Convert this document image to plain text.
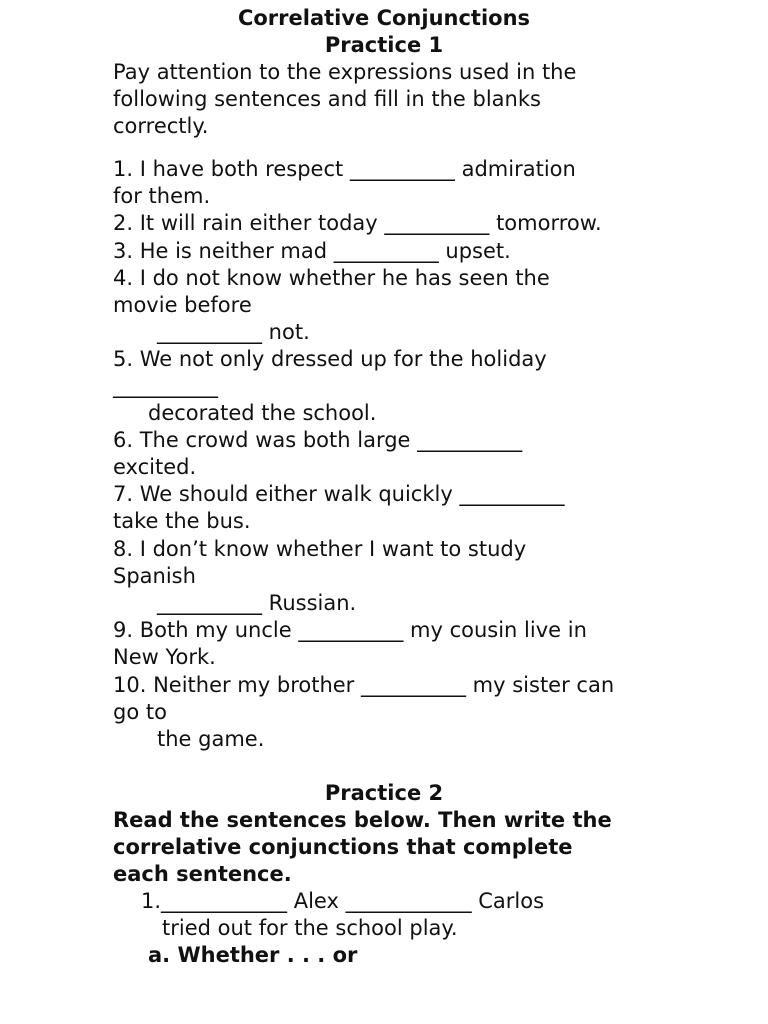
Correlative Conjunctions
Practice 1
Pay attention to the expressions used in the
following sentences and fill in the blanks
correctly.
1. I have both respect __________ admiration
for them.
2. It will rain either today __________ tomorrow.
3. He is neither mad __________ upset.
4. I do not know whether he has seen the
movie before
__________ not.
5. We not only dressed up for the holiday
__________
decorated the school.
6. The crowd was both large __________
excited.
7. We should either walk quickly __________
take the bus.
8. I don’t know whether I want to study
Spanish
__________ Russian.
9. Both my uncle __________ my cousin live in
New York.
10. Neither my brother __________ my sister can
go to
the game.
Practice 2
Read the sentences below. Then write the
correlative conjunctions that complete
each sentence.
1.____________ Alex ____________ Carlos
tried out for the school play.
a. Whether . . . or
